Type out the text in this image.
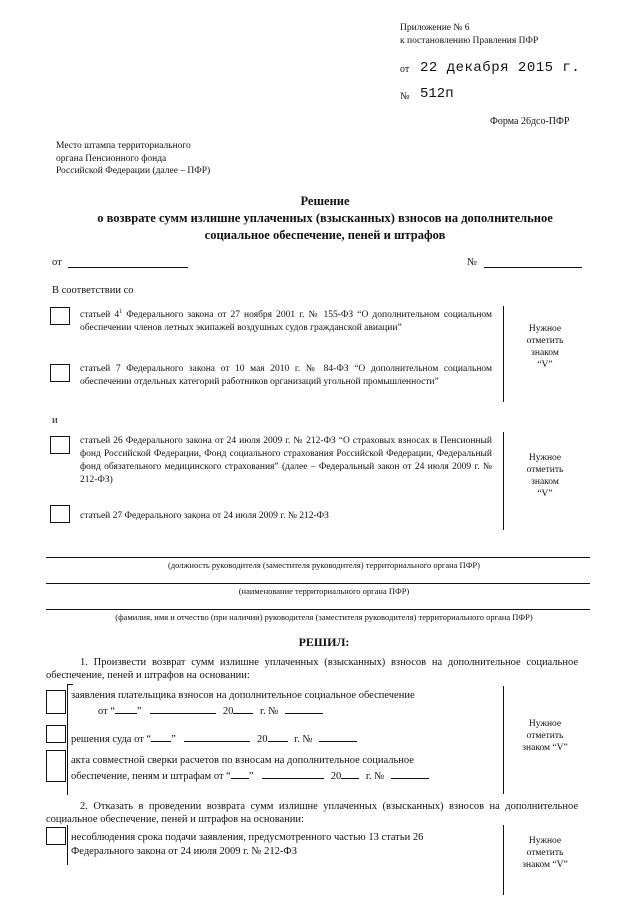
Приложение № 6
к постановлению Правления ПФР
от 22 декабря 2015 г.
№ 512п
Форма 26дсо-ПФР
Место штампа территориального
органа Пенсионного фонда
Российской Федерации (далее – ПФР)
Решение
о возврате сумм излишне уплаченных (взысканных) взносов на дополнительное
социальное обеспечение, пеней и штрафов
от	№
В соответствии со
статьей $4^1$ Федерального закона от 27 ноября 2001 г. № 155-ФЗ “О дополнительном социальном обеспечении членов летных экипажей воздушных судов гражданской авиации”
статьей 7 Федерального закона от 10 мая 2010 г. № 84-ФЗ “О дополнительном социальном обеспечении отдельных категорий работников организаций угольной промышленности”
Нужное
отметить
знаком
“V”
и
статьей 26 Федерального закона от 24 июля 2009 г. № 212-ФЗ “О страховых взносах в Пенсионный фонд Российской Федерации, Фонд социального страхования Российской Федерации, Федеральный фонд обязательного медицинского страхования” (далее – Федеральный закон от 24 июля 2009 г. № 212-ФЗ)
статьей 27 Федерального закона от 24 июля 2009 г. № 212-ФЗ
Нужное
отметить
знаком
“V”
(должность руководителя (заместителя руководителя) территориального органа ПФР)
(наименование территориального органа ПФР)
(фамилия, имя и отчество (при наличии) руководителя (заместителя руководителя) территориального органа ПФР)
РЕШИЛ:
1. Произвести возврат сумм излишне уплаченных (взысканных) взносов на дополнительное социальное обеспечение, пеней и штрафов на основании:
заявления плательщика взносов на дополнительное социальное обеспечение
от “ ”	20	г. №
решения суда от “ ”	20	г. №
акта совместной сверки расчетов по взносам на дополнительное социальное
обеспечение, пеням и штрафам от “ ”	20 г. №
Нужное
отметить
знаком “V”
2. Отказать в проведении возврата сумм излишне уплаченных (взысканных) взносов на дополнительное социальное обеспечение, пеней и штрафов на основании:
несоблюдения срока подачи заявления, предусмотренного частью 13 статьи 26
Федерального закона от 24 июля 2009 г. № 212-ФЗ
Нужное
отметить
знаком “V”
